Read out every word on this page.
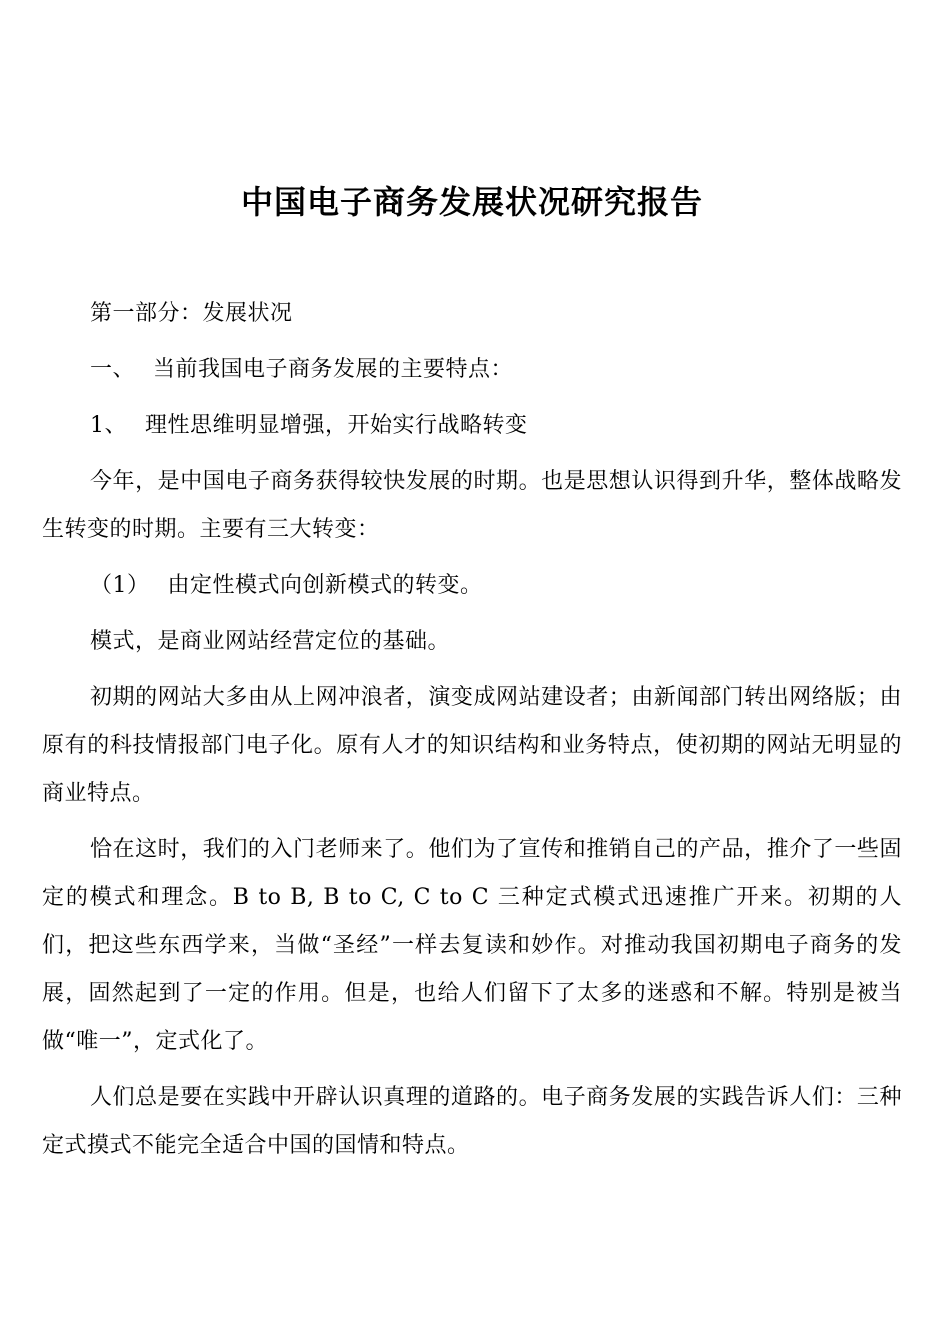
中国电子商务发展状况研究报告

第一部分：发展状况

一、 当前我国电子商务发展的主要特点：

1、 理性思维明显增强，开始实行战略转变

今年，是中国电子商务获得较快发展的时期。也是思想认识得到升华，整体战略发生转变的时期。主要有三大转变：

（1） 由定性模式向创新模式的转变。

模式，是商业网站经营定位的基础。

初期的网站大多由从上网冲浪者，演变成网站建设者；由新闻部门转出网络版；由原有的科技情报部门电子化。原有人才的知识结构和业务特点，使初期的网站无明显的商业特点。

恰在这时，我们的入门老师来了。他们为了宣传和推销自己的产品，推介了一些固定的模式和理念。B to B, B to C, C to C 三种定式模式迅速推广开来。初期的人们，把这些东西学来，当做“圣经”一样去复读和妙作。对推动我国初期电子商务的发展，固然起到了一定的作用。但是，也给人们留下了太多的迷惑和不解。特别是被当做“唯一”，定式化了。

人们总是要在实践中开辟认识真理的道路的。电子商务发展的实践告诉人们：三种定式摸式不能完全适合中国的国情和特点。
